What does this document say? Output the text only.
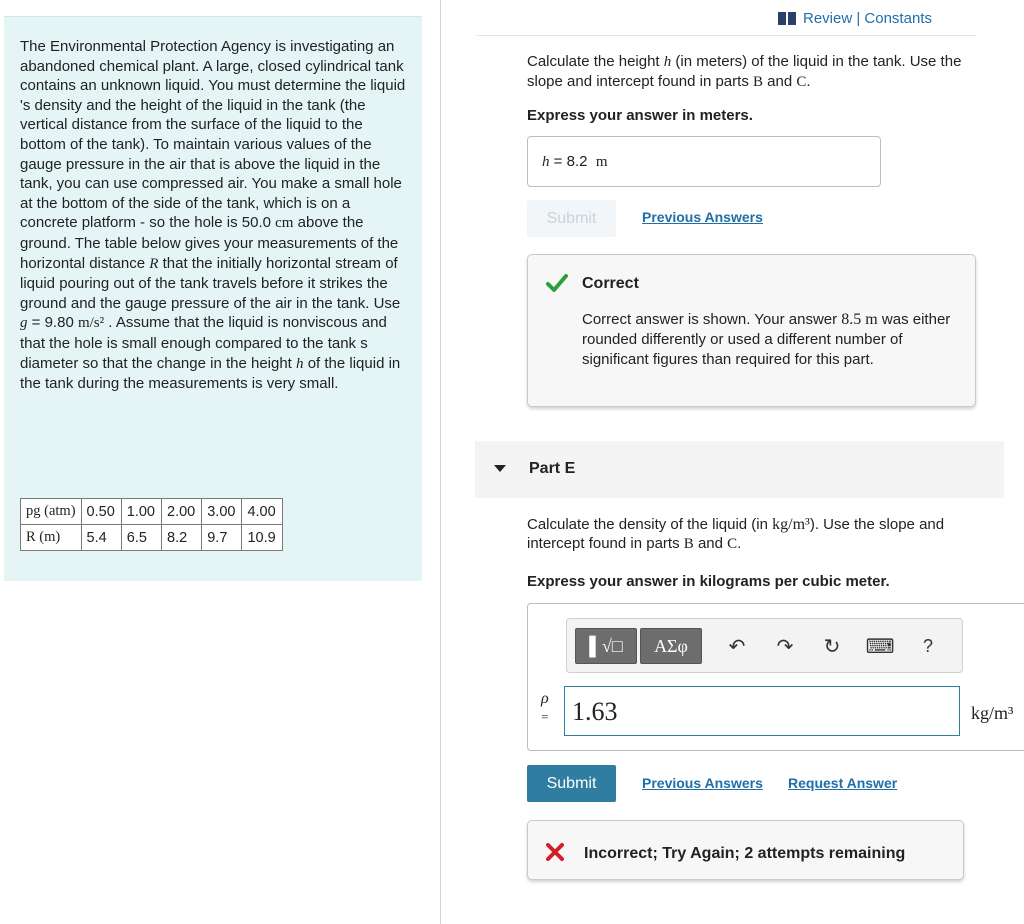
The Environmental Protection Agency is investigating an abandoned chemical plant. A large, closed cylindrical tank contains an unknown liquid. You must determine the liquid 's density and the height of the liquid in the tank (the vertical distance from the surface of the liquid to the bottom of the tank). To maintain various values of the gauge pressure in the air that is above the liquid in the tank, you can use compressed air. You make a small hole at the bottom of the side of the tank, which is on a concrete platform - so the hole is 50.0 cm above the ground. The table below gives your measurements of the horizontal distance R that the initially horizontal stream of liquid pouring out of the tank travels before it strikes the ground and the gauge pressure of the air in the tank. Use g = 9.80 m/s² . Assume that the liquid is nonviscous and that the hole is small enough compared to the tank s diameter so that the change in the height h of the liquid in the tank during the measurements is very small.
pg (atm)	0.50	1.00	2.00	3.00	4.00
R (m)	5.4	6.5	8.2	9.7	10.9
Review | Constants
Calculate the height h (in meters) of the liquid in the tank. Use the slope and intercept found in parts B and C.
Express your answer in meters.
h = 8.2 m
Submit	Previous Answers
Correct
Correct answer is shown. Your answer 8.5 m was either rounded differently or used a different number of significant figures than required for this part.
Part E
Calculate the density of the liquid (in kg/m³). Use the slope and intercept found in parts B and C.
Express your answer in kilograms per cubic meter.
▌√□	ΑΣφ	↶ ↷ ↻ ⌨	?
ρ
= 1.63	kg/m³
Submit	Previous Answers Request Answer
Incorrect; Try Again; 2 attempts remaining
